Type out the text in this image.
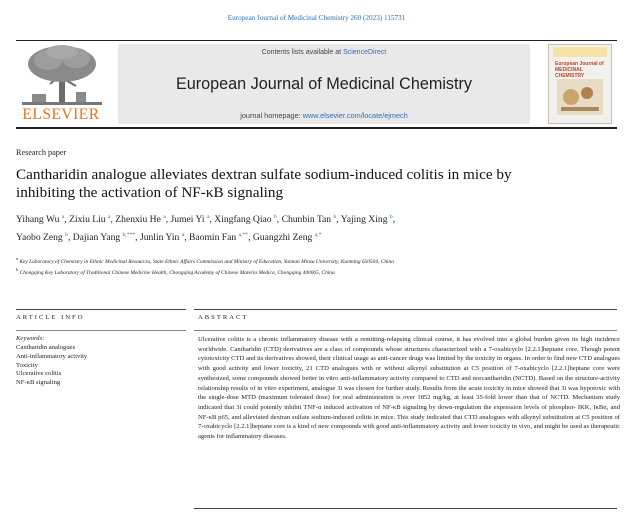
European Journal of Medicinal Chemistry 260 (2023) 115731
ELSEVIER
Contents lists available at ScienceDirect
European Journal of Medicinal Chemistry
journal homepage: www.elsevier.com/locate/ejmech
European Journal of MEDICINAL CHEMISTRY
Research paper
Cantharidin analogue alleviates dextran sulfate sodium-induced colitis in mice by inhibiting the activation of NF-κB signaling
Yihang Wu $^a$, Zixiu Liu $^a$, Zhenxiu He $^a$, Jumei Yi $^a$, Xingfang Qiao $^b$, Chunbin Tan $^b$, Yajing Xing $^b$,
Yaobo Zeng $^b$, Dajian Yang $^{b,***}$, Junlin Yin $^a$, Baomin Fan $^{a,**}$, Guangzhi Zeng $^{a,*}$
$^a$ Key Laboratory of Chemistry in Ethnic Medicinal Resources, State Ethnic Affairs Commission and Ministry of Education, Yunnan Minzu University, Kunming 650504, China
$^b$ Chongqing Key Laboratory of Traditional Chinese Medicine Health, Chongqing Academy of Chinese Materia Medica, Chongqing 400065, China
ARTICLE INFO	ABSTRACT
Keywords:
Cantharidin analogues
Anti-inflammatory activity
Toxicity
Ulcerative colitis
NF-κB signaling
Ulcerative colitis is a chronic inflammatory disease with a remitting-relapsing clinical course, it has evolved into a global burden given its high incidence worldwide. Cantharidin (CTD) derivatives are a class of compounds whose structures characterized with a 7-oxabicyclo [2.2.1]heptane core. Though potent cytotoxicity CTD and its derivatives showed, their clinical usage as anti-cancer drugs was limited by the toxicity in organs. In order to find new CTD analogues with good activity and lower toxicity, 21 CTD analogues with or without alkynyl substitution at C5 position of 7-oxabicyclo [2.2.1]heptane core were synthesized, some compounds showed better in vitro anti-inflammatory activity compared to CTD and norcantharidin (NCTD). Based on the structure-activity relationship results of in vitro experiment, analogue 3i was chosen for further study. Results from the acute toxicity in mice showed that 3i was hypotoxic with the single-dose MTD (maximum tolerated dose) for oral administration is over 1852 mg/kg, at least 35-fold lower than that of NCTD. Mechanism study indicated that 3i could potently inhibit TNF-α induced activation of NF-κB signaling by down-regulation the expression levels of phosphor- IKK, IκBα, and NF-κB p65, and alleviated dextran sulfate sodium-induced colitis in mice. This study indicated that CTD analogues with alkynyl substitution at C5 position of 7-oxabicyclo [2.2.1]heptane core is a kind of new compounds with good anti-inflammatory activity and lower toxicity in vivo, and might be used as therapeutic agents for inflammatory diseases.
